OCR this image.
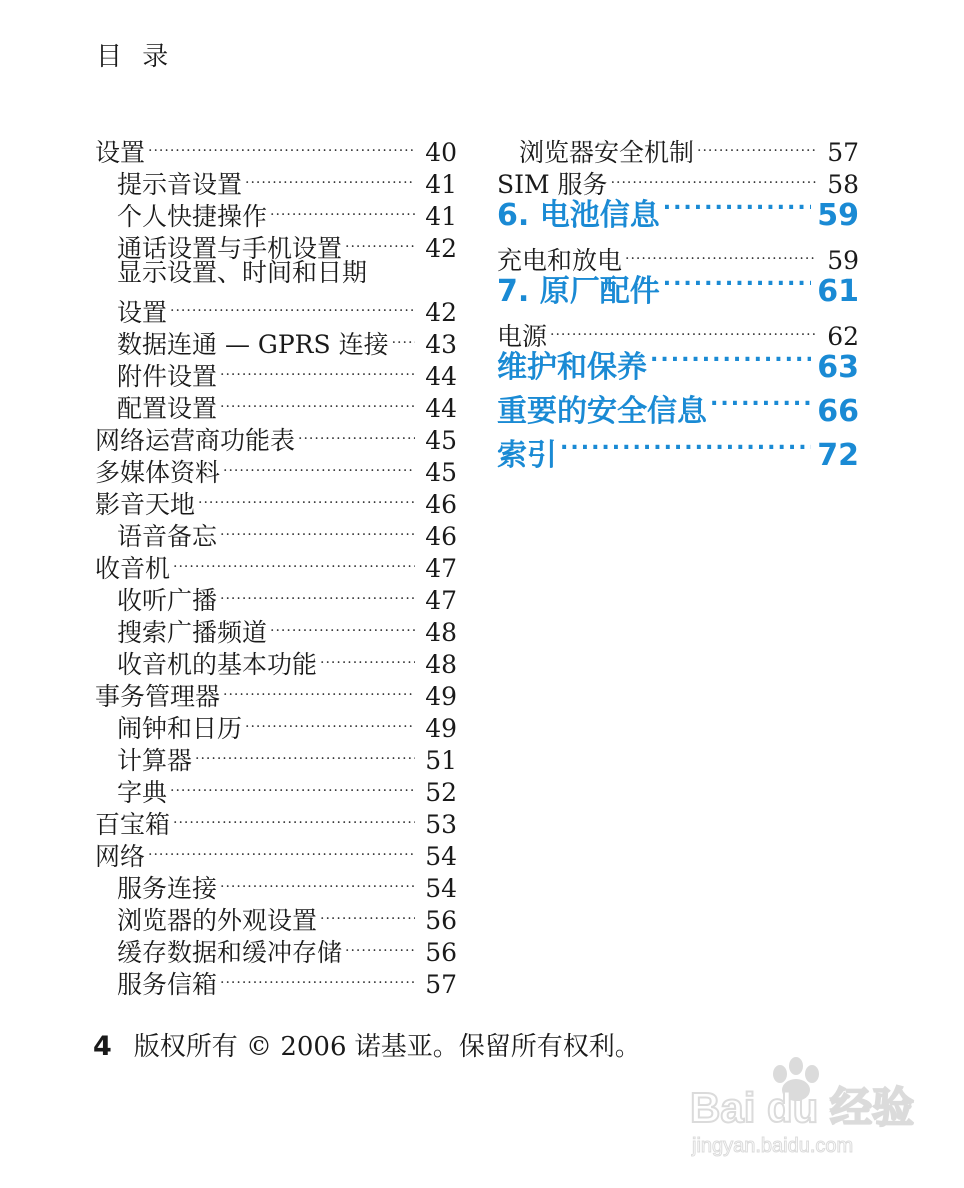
目 录
设置 .....	40
提示音设置 .....	41
个人快捷操作 .....	41
通话设置与手机设置 .....	42
显示设置、时间和日期
设置 .....	42
数据连通 — GPRS 连接 ..... 43
附件设置 .....	44
配置设置 .....	44
网络运营商功能表 .....	45
多媒体资料 .....	45
影音天地 .....	46
语音备忘 .....	46
收音机 .....	47
收听广播 .....	47
搜索广播频道 .....	48
收音机的基本功能 .....	48
事务管理器 .....	49
闹钟和日历 .....	49
计算器 .....	51
字典 .....	52
百宝箱 .....	53
网络 .....	54
服务连接 .....	54
浏览器的外观设置 .....	56
缓存数据和缓冲存储 .....	56
服务信箱 .....	57
浏览器安全机制 .....	57
SIM 服务 .....	58
6. 电池信息 .....	59
充电和放电 .....	59
7. 原厂配件 .....	61
电源 .....	62
维护和保养 .....	63
重要的安全信息 .....	66
索引 .....	72
4 版权所有 © 2006 诺基亚。保留所有权利。
Bai du 经验
jingyan.baidu.com
